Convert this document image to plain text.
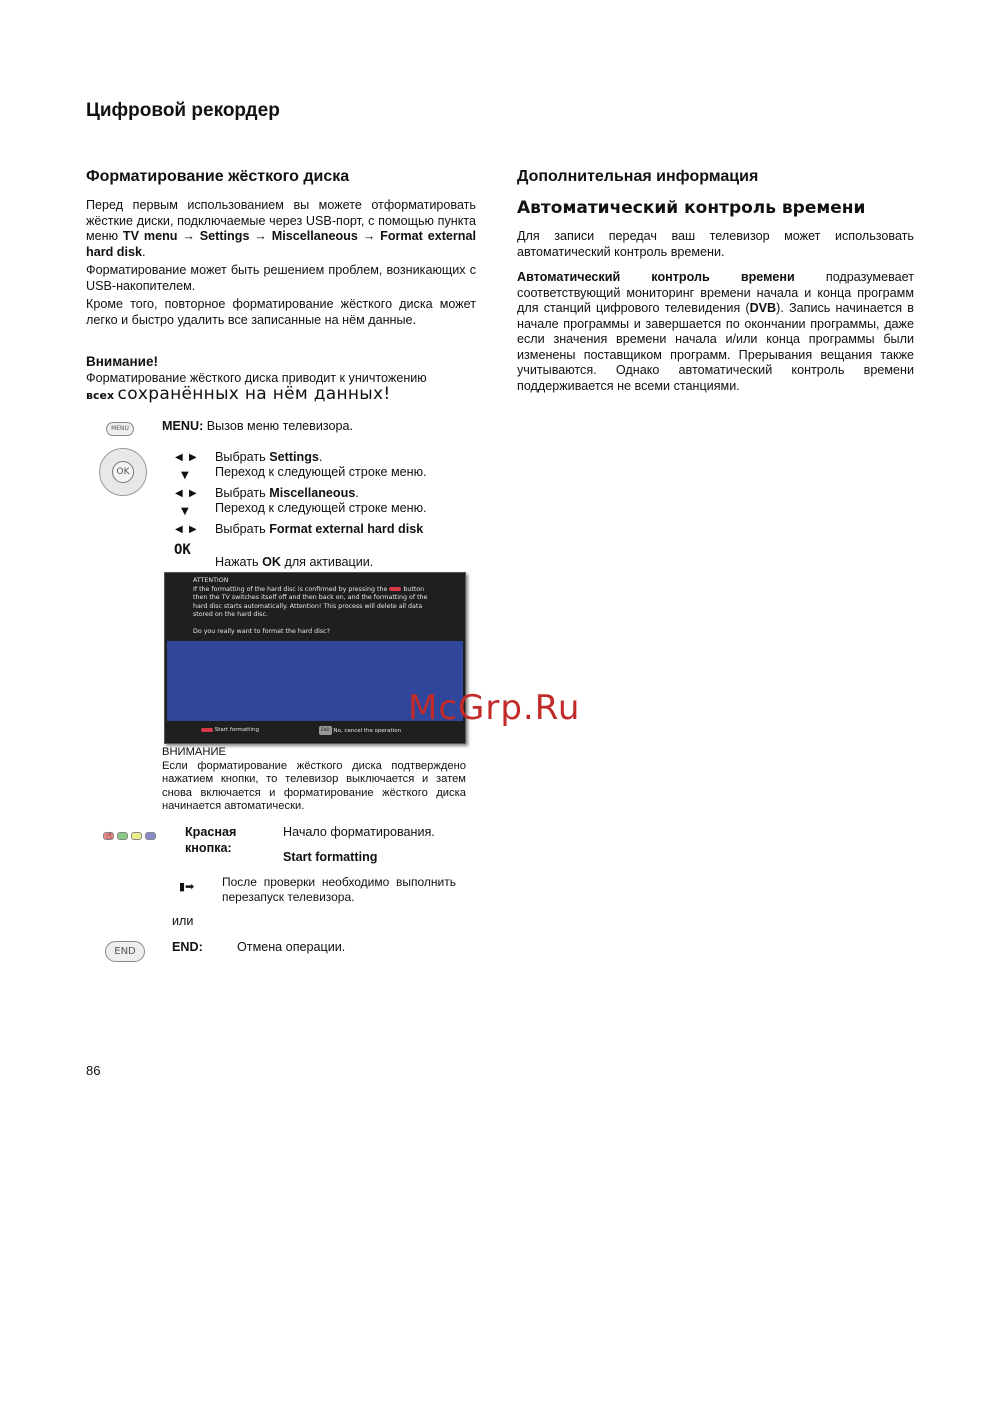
Цифровой рекордер
Форматирование жёсткого диска
Перед первым использованием вы можете отформатировать жёсткие диски, подключаемые через USB-порт, с помощью пункта меню TV menu → Settings → Miscellaneous → Format external hard disk.
Форматирование может быть решением проблем, возникающих с USB-накопителем.
Кроме того, повторное форматирование жёсткого диска может легко и быстро удалить все записанные на нём данные.
Внимание!
Форматирование жёсткого диска приводит к уничтожению
всех сохранённых на нём данных!
MENU	MENU: Вызов меню телевизора.
OK
◀  ▶ Выбрать Settings.
▼ Переход к следующей строке меню.
◀  ▶ Выбрать Miscellaneous.
▼ Переход к следующей строке меню.
◀  ▶ Выбрать Format external hard disk
OK
Нажать OK для активации.
ATTENTION
If the formatting of the hard disc is confirmed by pressing the	button
then the TV switches itself off and then back on, and the formatting of the
hard disc starts automatically. Attention! This process will delete all data
stored on the hard disc.
Do you really want to format the hard disc?
Start formatting	END No, cancel the operation
ВНИМАНИЕ
Если форматирование жёсткого диска подтверждено нажатием кнопки, то телевизор выключается и затем снова включается и форматирование жёсткого диска начинается автоматически.
☝	Красная кнопка:
Начало форматирования.
Start formatting
▮➡ После проверки необходимо выполнить перезапуск телевизора.
или
END	END:	Отмена операции.
Дополнительная информация
Автоматический контроль времени
Для записи передач ваш телевизор может использовать автоматический контроль времени.
Автоматический контроль времени подразумевает соответствующий мониторинг времени начала и конца программ для станций цифрового телевидения (DVB). Запись начинается в начале программы и завершается по окончании программы, даже если значения времени начала и/или конца программы были изменены поставщиком программ. Прерывания вещания также учитываются. Однако автоматический контроль времени поддерживается не всеми станциями.
McGrp.Ru
86
